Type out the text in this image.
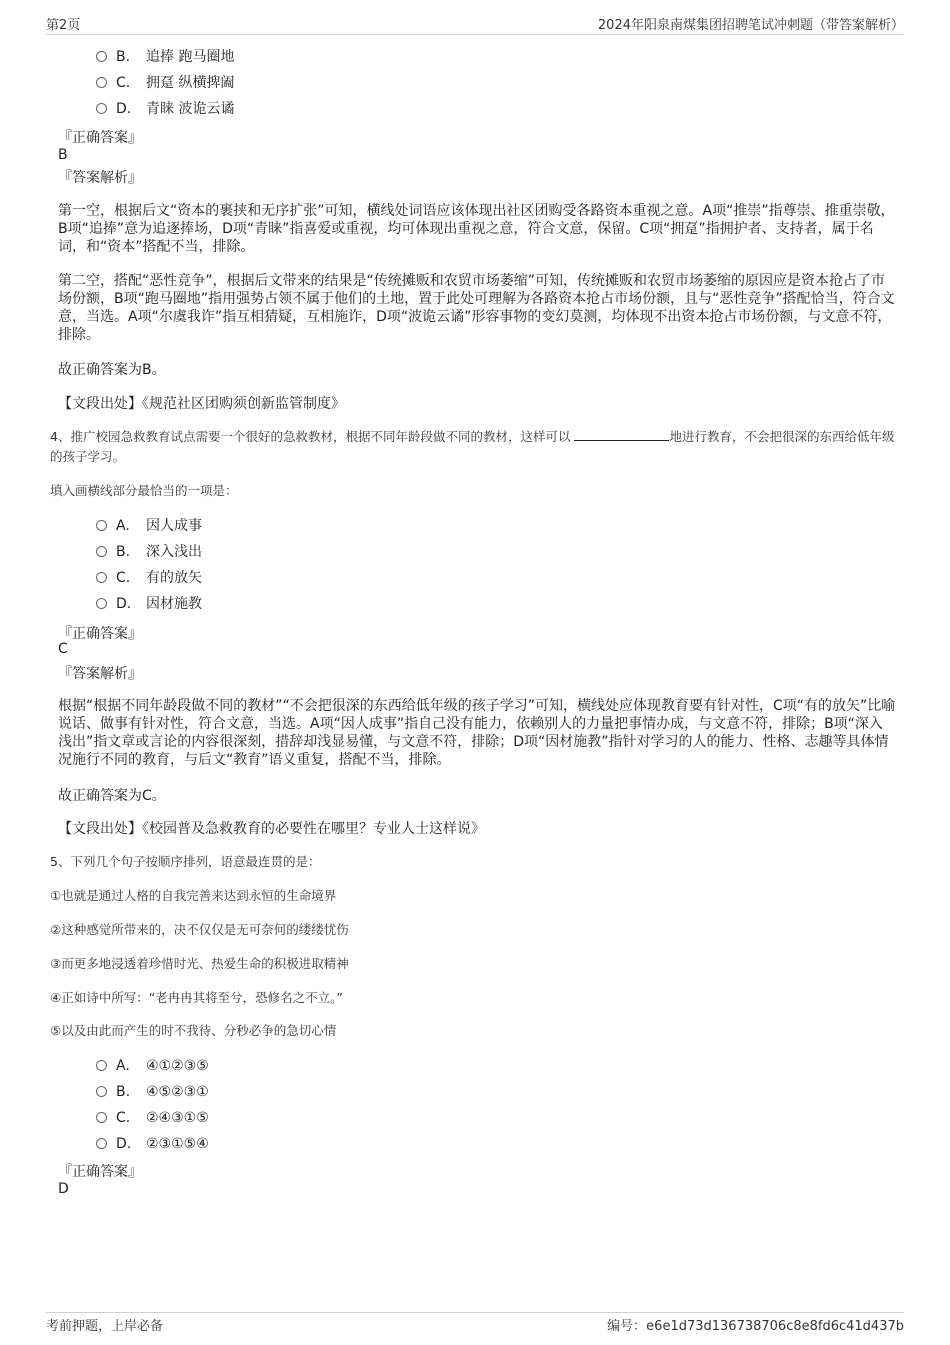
第2页	2024年阳泉南煤集团招聘笔试冲刺题（带答案解析）
B. 追捧 跑马圈地
C. 拥趸 纵横捭阖
D. 青睐 波诡云谲
『正确答案』
B
『答案解析』

第一空，根据后文“资本的裹挟和无序扩张”可知，横线处词语应该体现出社区团购受各路资本重视之意。A项“推崇”指尊崇、推重崇敬，B项“追捧”意为追逐捧场，D项“青睐”指喜爱或重视，均可体现出重视之意，符合文意，保留。C项“拥趸”指拥护者、支持者，属于名词，和“资本”搭配不当，排除。

第二空，搭配“恶性竞争”，根据后文带来的结果是“传统摊贩和农贸市场萎缩”可知，传统摊贩和农贸市场萎缩的原因应是资本抢占了市场份额，B项“跑马圈地”指用强势占领不属于他们的土地，置于此处可理解为各路资本抢占市场份额，且与“恶性竞争”搭配恰当，符合文意，当选。A项“尔虞我诈”指互相猜疑，互相施诈，D项“波诡云谲”形容事物的变幻莫测，均体现不出资本抢占市场份额，与文意不符，排除。

故正确答案为B。
【文段出处】《规范社区团购须创新监管制度》

4、推广校园急救教育试点需要一个很好的急救教材，根据不同年龄段做不同的教材，这样可以	地进行教育，不会把很深的东西给低年级的孩子学习。

填入画横线部分最恰当的一项是：
A. 因人成事
B. 深入浅出
C. 有的放矢
D. 因材施教
『正确答案』
C
『答案解析』

根据“根据不同年龄段做不同的教材”“不会把很深的东西给低年级的孩子学习”可知，横线处应体现教育要有针对性，C项“有的放矢”比喻说话、做事有针对性，符合文意，当选。A项“因人成事”指自己没有能力，依赖别人的力量把事情办成，与文意不符，排除；B项“深入浅出”指文章或言论的内容很深刻，措辞却浅显易懂，与文意不符，排除；D项“因材施教”指针对学习的人的能力、性格、志趣等具体情况施行不同的教育，与后文“教育”语义重复，搭配不当，排除。

故正确答案为C。
【文段出处】《校园普及急救教育的必要性在哪里？专业人士这样说》
5、下列几个句子按顺序排列，语意最连贯的是：
①也就是通过人格的自我完善来达到永恒的生命境界
②这种感觉所带来的，决不仅仅是无可奈何的缕缕忧伤
③而更多地浸透着珍惜时光、热爱生命的积极进取精神
④正如诗中所写：“老冉冉其将至兮，恐修名之不立。”
⑤以及由此而产生的时不我待、分秒必争的急切心情
A. ④①②③⑤
B. ④⑤②③①
C. ②④③①⑤
D. ②③①⑤④
『正确答案』
D
考前押题，上岸必备	编号：e6e1d73d136738706c8e8fd6c41d437b
